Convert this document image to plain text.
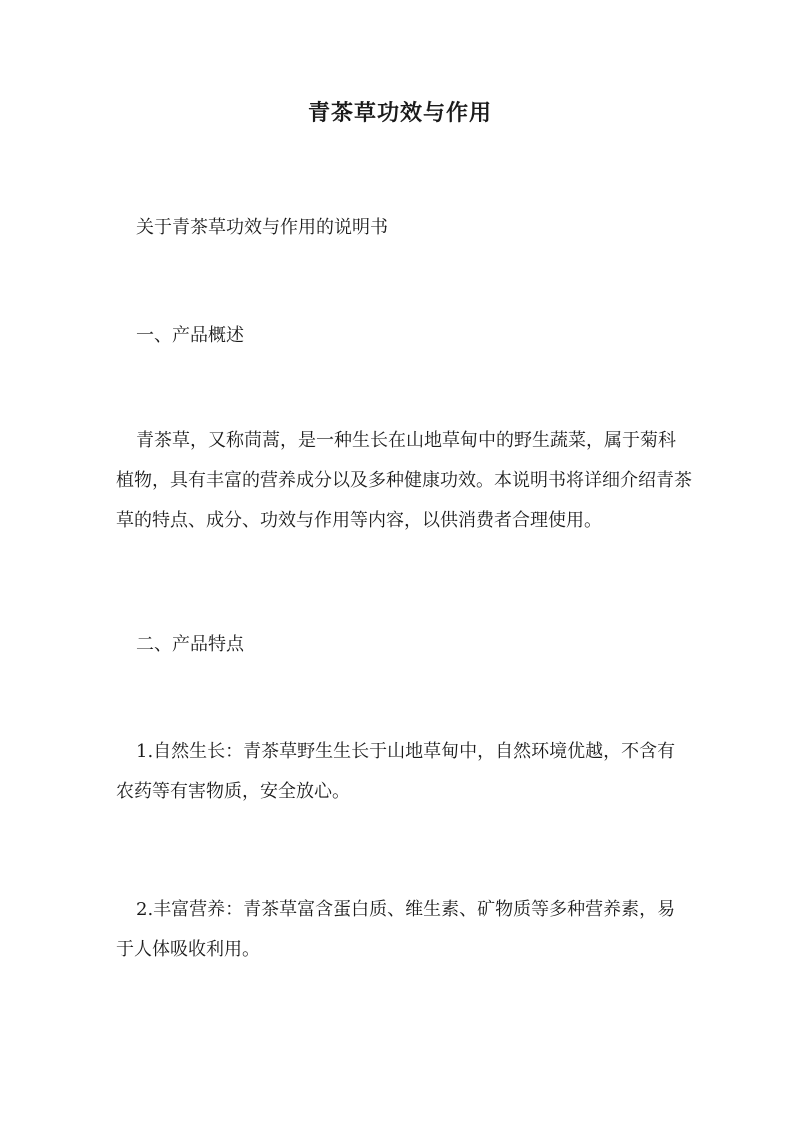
青茶草功效与作用
关于青茶草功效与作用的说明书
一、产品概述
青茶草，又称茼蒿，是一种生长在山地草甸中的野生蔬菜，属于菊科
植物，具有丰富的营养成分以及多种健康功效。本说明书将详细介绍青茶
草的特点、成分、功效与作用等内容，以供消费者合理使用。
二、产品特点
1.自然生长：青茶草野生生长于山地草甸中，自然环境优越，不含有
农药等有害物质，安全放心。
2.丰富营养：青茶草富含蛋白质、维生素、矿物质等多种营养素，易
于人体吸收利用。
